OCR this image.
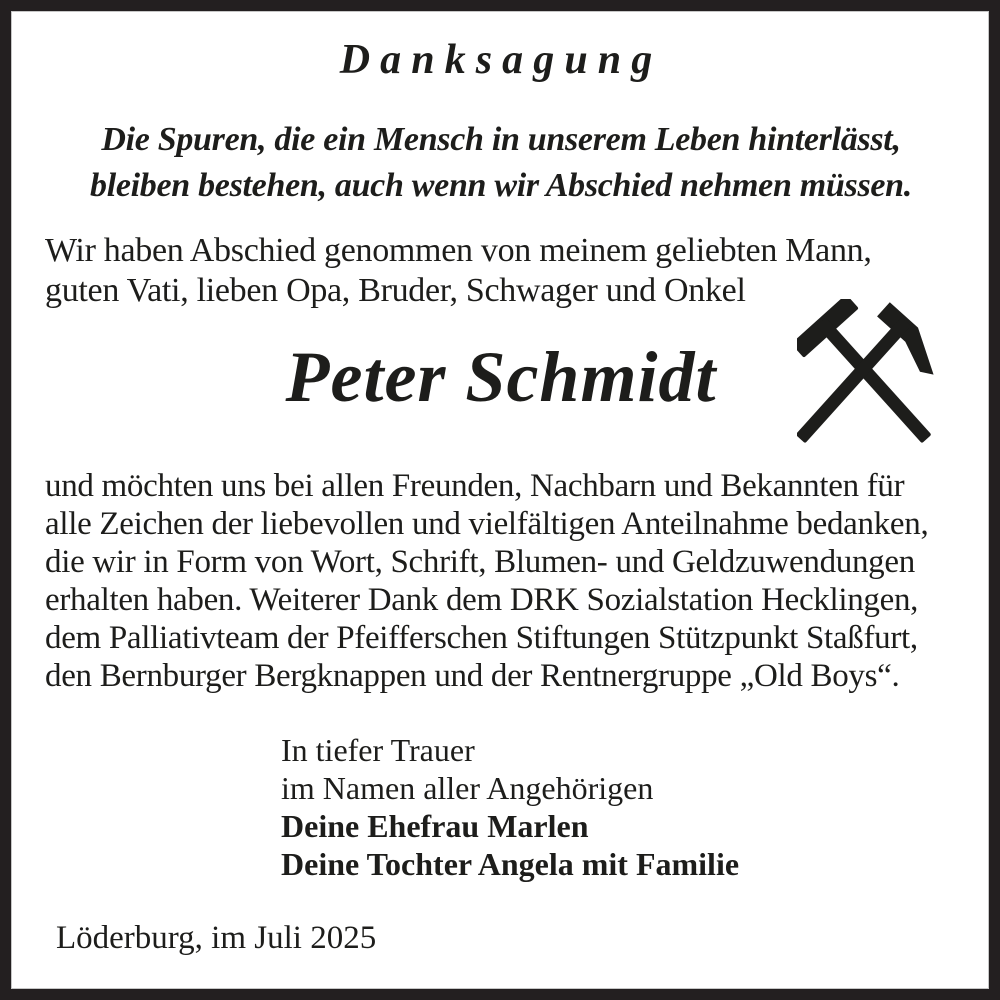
Danksagung
Die Spuren, die ein Mensch in unserem Leben hinterlässt,
bleiben bestehen, auch wenn wir Abschied nehmen müssen.
Wir haben Abschied genommen von meinem geliebten Mann,
guten Vati, lieben Opa, Bruder, Schwager und Onkel
Peter Schmidt
und möchten uns bei allen Freunden, Nachbarn und Bekannten für
alle Zeichen der liebevollen und vielfältigen Anteilnahme bedanken,
die wir in Form von Wort, Schrift, Blumen- und Geldzuwendungen
erhalten haben. Weiterer Dank dem DRK Sozialstation Hecklingen,
dem Palliativteam der Pfeifferschen Stiftungen Stützpunkt Staßfurt,
den Bernburger Bergknappen und der Rentnergruppe „Old Boys“.
In tiefer Trauer
im Namen aller Angehörigen
Deine Ehefrau Marlen
Deine Tochter Angela mit Familie
Löderburg, im Juli 2025
